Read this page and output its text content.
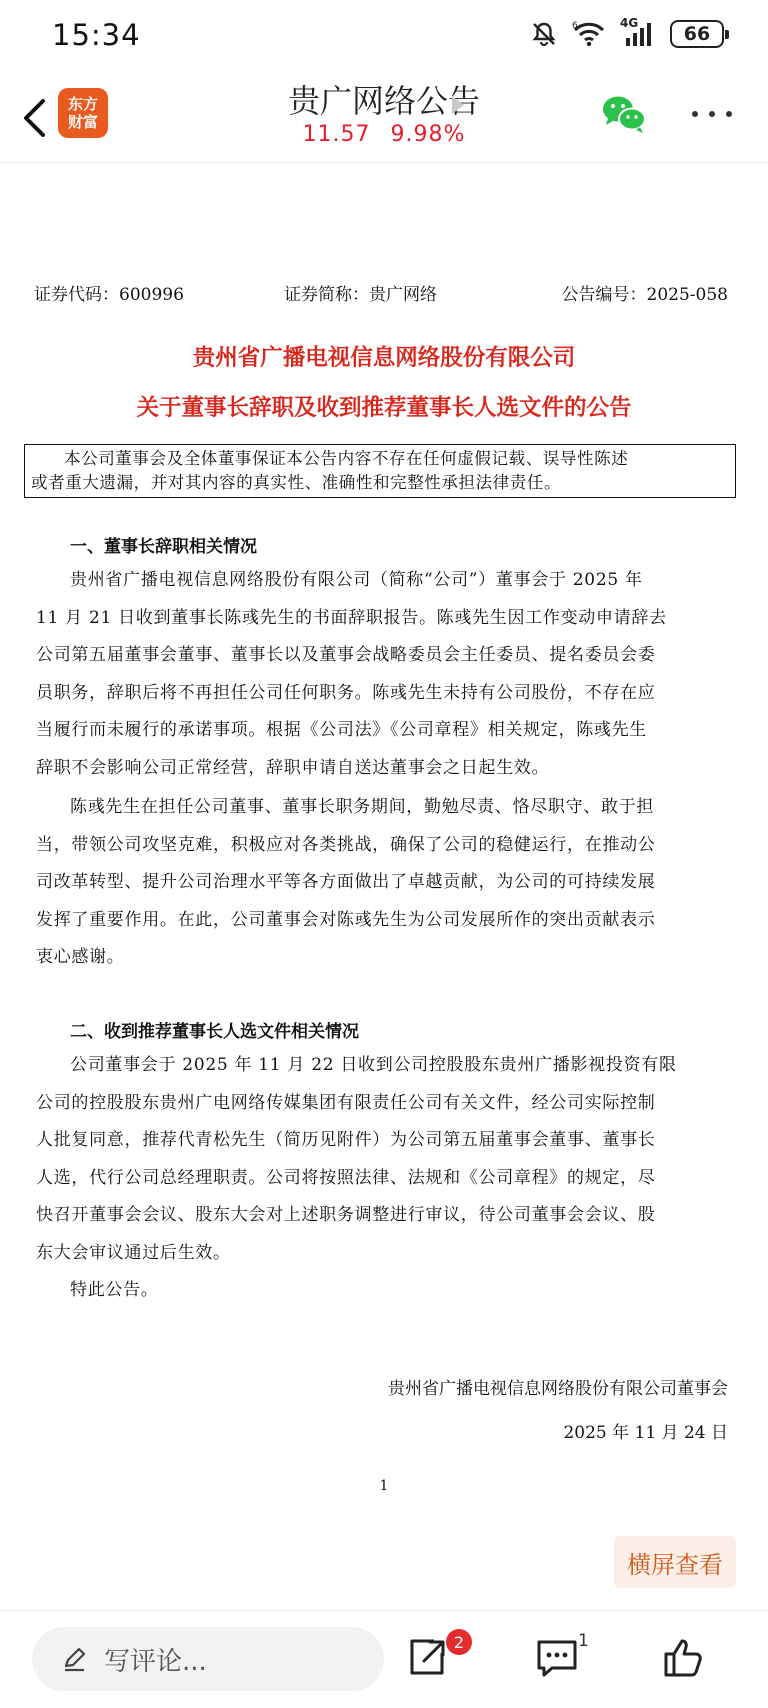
15:34	6	4G	66
东方
财富
贵广网络公告
11.57 9.98%
证券代码：600996	证券简称：贵广网络	公告编号：2025-058
贵州省广播电视信息网络股份有限公司
关于董事长辞职及收到推荐董事长人选文件的公告
本公司董事会及全体董事保证本公告内容不存在任何虚假记载、误导性陈述
或者重大遗漏，并对其内容的真实性、准确性和完整性承担法律责任。
一、董事长辞职相关情况
贵州省广播电视信息网络股份有限公司（简称“公司”）董事会于 2025 年
11 月 21 日收到董事长陈彧先生的书面辞职报告。陈彧先生因工作变动申请辞去
公司第五届董事会董事、董事长以及董事会战略委员会主任委员、提名委员会委
员职务，辞职后将不再担任公司任何职务。陈彧先生未持有公司股份，不存在应
当履行而未履行的承诺事项。根据《公司法》《公司章程》相关规定，陈彧先生
辞职不会影响公司正常经营，辞职申请自送达董事会之日起生效。
陈彧先生在担任公司董事、董事长职务期间，勤勉尽责、恪尽职守、敢于担
当，带领公司攻坚克难，积极应对各类挑战，确保了公司的稳健运行，在推动公
司改革转型、提升公司治理水平等各方面做出了卓越贡献，为公司的可持续发展
发挥了重要作用。在此，公司董事会对陈彧先生为公司发展所作的突出贡献表示
衷心感谢。
二、收到推荐董事长人选文件相关情况
公司董事会于 2025 年 11 月 22 日收到公司控股股东贵州广播影视投资有限
公司的控股股东贵州广电网络传媒集团有限责任公司有关文件，经公司实际控制
人批复同意，推荐代青松先生（简历见附件）为公司第五届董事会董事、董事长
人选，代行公司总经理职责。公司将按照法律、法规和《公司章程》的规定，尽
快召开董事会会议、股东大会对上述职务调整进行审议，待公司董事会会议、股
东大会审议通过后生效。
特此公告。
贵州省广播电视信息网络股份有限公司董事会
2025 年 11 月 24 日
1
横屏查看
写评论...
2	1
